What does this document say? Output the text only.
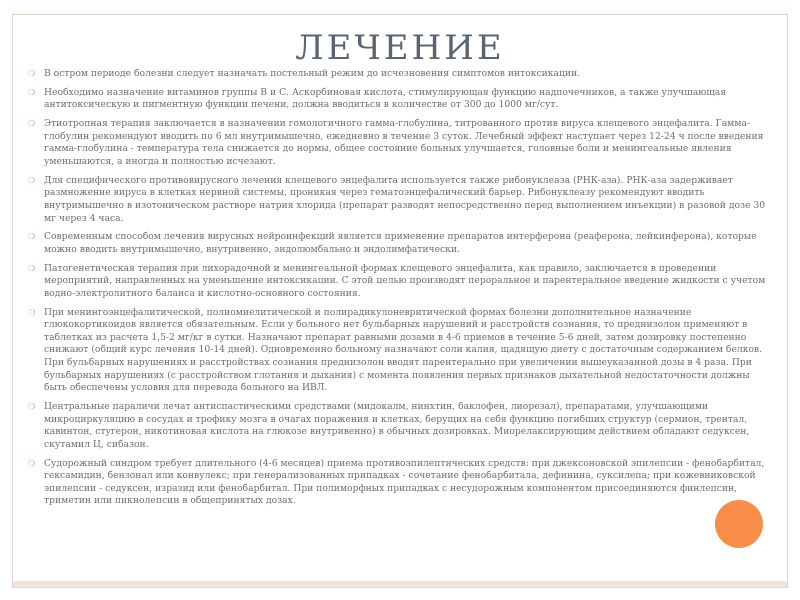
ЛЕЧЕНИЕ
❍ В остром периоде болезни следует назначать постельный режим до исчезновения симптомов интоксикации.
❍ Необходимо назначение витаминов группы В и С. Аскорбиновая кислота, стимулирующая функцию надпочечников, а также улучшающая антитоксическую и пигментную функции печени, должна вводиться в количестве от 300 до 1000 мг/сут.
❍ Этиотропная терапия заключается в назначении гомологичного гамма-глобулина, титрованного против вируса клещевого энцефалита. Гамма-глобулин рекомендуют вводить по 6 мл внутримышечно, ежедневно в течение 3 суток. Лечебный эффект наступает через 12-24 ч после введения гамма-глобулина - температура тела снижается до нормы, общее состояние больных улучшается, головные боли и менингеальные явления уменьшаются, а иногда и полностью исчезают.
❍ Для специфического противовирусного лечения клещевого энцефалита используется также рибонуклеаза (РНК-аза). РНК-аза задерживает размножение вируса в клетках нервной системы, проникая через гематоэнцефалический барьер. Рибонуклеазу рекомендуют вводить внутримышечно в изотоническом растворе натрия хлорида (препарат разводят непосредственно перед выполнением инъекции) в разовой дозе 30 мг через 4 часа.
❍ Современным способом лечения вирусных нейроинфекций является применение препаратов интерферона (реаферона, лейкинферона), которые можно вводить внутримышечно, внутривенно, эндолюмбально и эндолимфатически.
❍ Патогенетическая терапия при лихорадочной и менингеальной формах клещевого энцефалита, как правило, заключается в проведении мероприятий, направленных на уменьшение интоксикации. С этой целью производят пероральное и парентеральное введение жидкости с учетом водно-электролитного баланса и кислотно-основного состояния.
❍ При менингоэнцефалитической, полиомиелитической и полирадикулоневритической формах болезни дополнительное назначение глюкокортикоидов является обязательным. Если у больного нет бульбарных нарушений и расстройств сознания, то преднизолон применяют в таблетках из расчета 1,5-2 мг/кг в сутки. Назначают препарат равными дозами в 4-6 приемов в течение 5-6 дней, затем дозировку постепенно снижают (общий курс лечения 10-14 дней). Одновременно больному назначают соли калия, щадящую диету с достаточным содержанием белков. При бульбарных нарушениях и расстройствах сознания преднизолон вводят парентерально при увеличении вышеуказанной дозы в 4 раза. При бульбарных нарушениях (с расстройством глотания и дыхания) с момента появления первых признаков дыхательной недостаточности должны быть обеспечены условия для перевода больного на ИВЛ.
❍ Центральные параличи лечат антиспастическими средствами (мидокалм, нинхтин, баклофен, лиорезал), препаратами, улучшающими микроциркуляцию в сосудах и трофику мозга в очагах поражения и клетках, берущих на себя функцию погибших структур (сермион, трентал, кавинтон, стугерон, никотиновая кислота на глюкозе внутривенно) в обычных дозировках. Миорелаксирующим действием обладают седуксен, скутамил Ц, сибазон.
❍ Судорожный синдром требует длительного (4-6 месяцев) приема противоэпилептических средств: при джексоновской эпилепсии - фенобарбитал, гексамидин, бензонал или конвулекс; при генерализованных припадках - сочетание фенобарбитала, дефинина, суксилепа; при кожевниковской эпилепсии - седуксен, изразид или фенобарбитал. При полиморфных припадках с несудорожным компонентом присоединяются финлепсин, триметин или пикнолепсин в общепринятых дозах.
